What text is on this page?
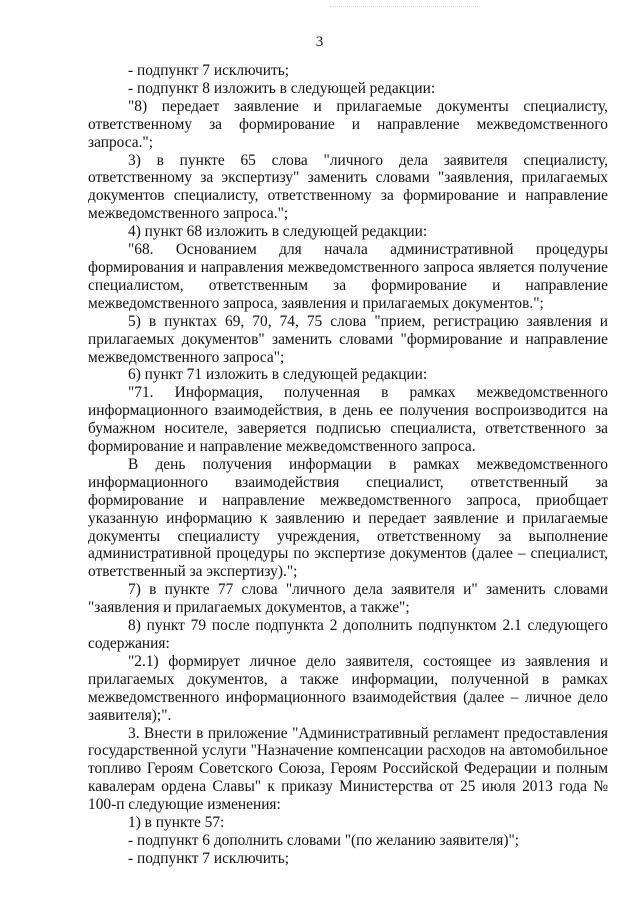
3

- подпункт 7 исключить;

- подпункт 8 изложить в следующей редакции:

"8) передает заявление и прилагаемые документы специалисту, ответственному за формирование и направление межведомственного запроса.";

3) в пункте 65 слова "личного дела заявителя специалисту, ответственному за экспертизу" заменить словами "заявления, прилагаемых документов специалисту, ответственному за формирование и направление межведомственного запроса.";

4) пункт 68 изложить в следующей редакции:

"68. Основанием для начала административной процедуры формирования и направления межведомственного запроса является получение специалистом, ответственным за формирование и направление межведомственного запроса, заявления и прилагаемых документов.";

5) в пунктах 69, 70, 74, 75 слова "прием, регистрацию заявления и прилагаемых документов" заменить словами "формирование и направление межведомственного запроса";

6) пункт 71 изложить в следующей редакции:

"71. Информация, полученная в рамках межведомственного информационного взаимодействия, в день ее получения воспроизводится на бумажном носителе, заверяется подписью специалиста, ответственного за формирование и направление межведомственного запроса.

В день получения информации в рамках межведомственного информационного взаимодействия специалист, ответственный за формирование и направление межведомственного запроса, приобщает указанную информацию к заявлению и передает заявление и прилагаемые документы специалисту учреждения, ответственному за выполнение административной процедуры по экспертизе документов (далее – специалист, ответственный за экспертизу).";

7) в пункте 77 слова "личного дела заявителя и" заменить словами "заявления и прилагаемых документов, а также";

8) пункт 79 после подпункта 2 дополнить подпунктом 2.1 следующего содержания:

"2.1) формирует личное дело заявителя, состоящее из заявления и прилагаемых документов, а также информации, полученной в рамках межведомственного информационного взаимодействия (далее – личное дело заявителя);".

3. Внести в приложение "Административный регламент предоставления государственной услуги "Назначение компенсации расходов на автомобильное топливо Героям Советского Союза, Героям Российской Федерации и полным кавалерам ордена Славы" к приказу Министерства от 25 июля 2013 года № 100-п следующие изменения:

1) в пункте 57:

- подпункт 6 дополнить словами "(по желанию заявителя)";

- подпункт 7 исключить;
